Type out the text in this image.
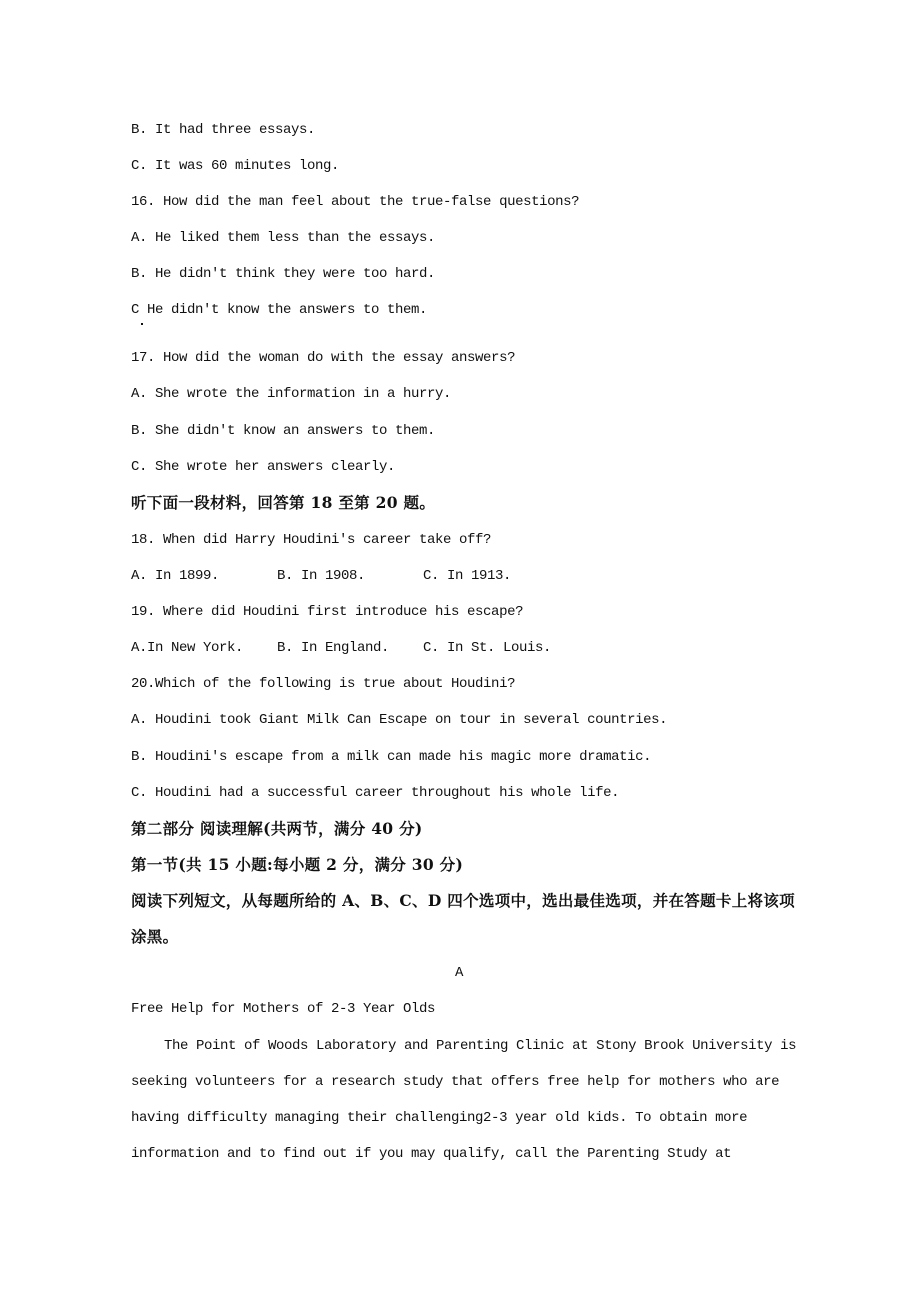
B. It had three essays.
C. It was 60 minutes long.
16. How did the man feel about the true-false questions?
A. He liked them less than the essays.
B. He didn't think they were too hard.
C He didn't know the answers to them.
17. How did the woman do with the essay answers?
A. She wrote the information in a hurry.
B. She didn't know an answers to them.
C. She wrote her answers clearly.
听下面一段材料，回答第 18 至第 20 题。
18. When did Harry Houdini's career take off?
A. In 1899.	B. In 1908.	C. In 1913.
19. Where did Houdini first introduce his escape?
A.In New York.	B. In England.	C. In St. Louis.
20.Which of the following is true about Houdini?
A. Houdini took Giant Milk Can Escape on tour in several countries.
B. Houdini's escape from a milk can made his magic more dramatic.
C. Houdini had a successful career throughout his whole life.
第二部分 阅读理解(共两节，满分 40 分)
第一节(共 15 小题:每小题 2 分，满分 30 分)
阅读下列短文，从每题所给的 A、B、C、D 四个选项中，选出最佳选项，并在答题卡上将该项
涂黑。
A
Free Help for Mothers of 2-3 Year Olds
The Point of Woods Laboratory and Parenting Clinic at Stony Brook University is
seeking volunteers for a research study that offers free help for mothers who are
having difficulty managing their challenging2-3 year old kids. To obtain more
information and to find out if you may qualify, call the Parenting Study at
